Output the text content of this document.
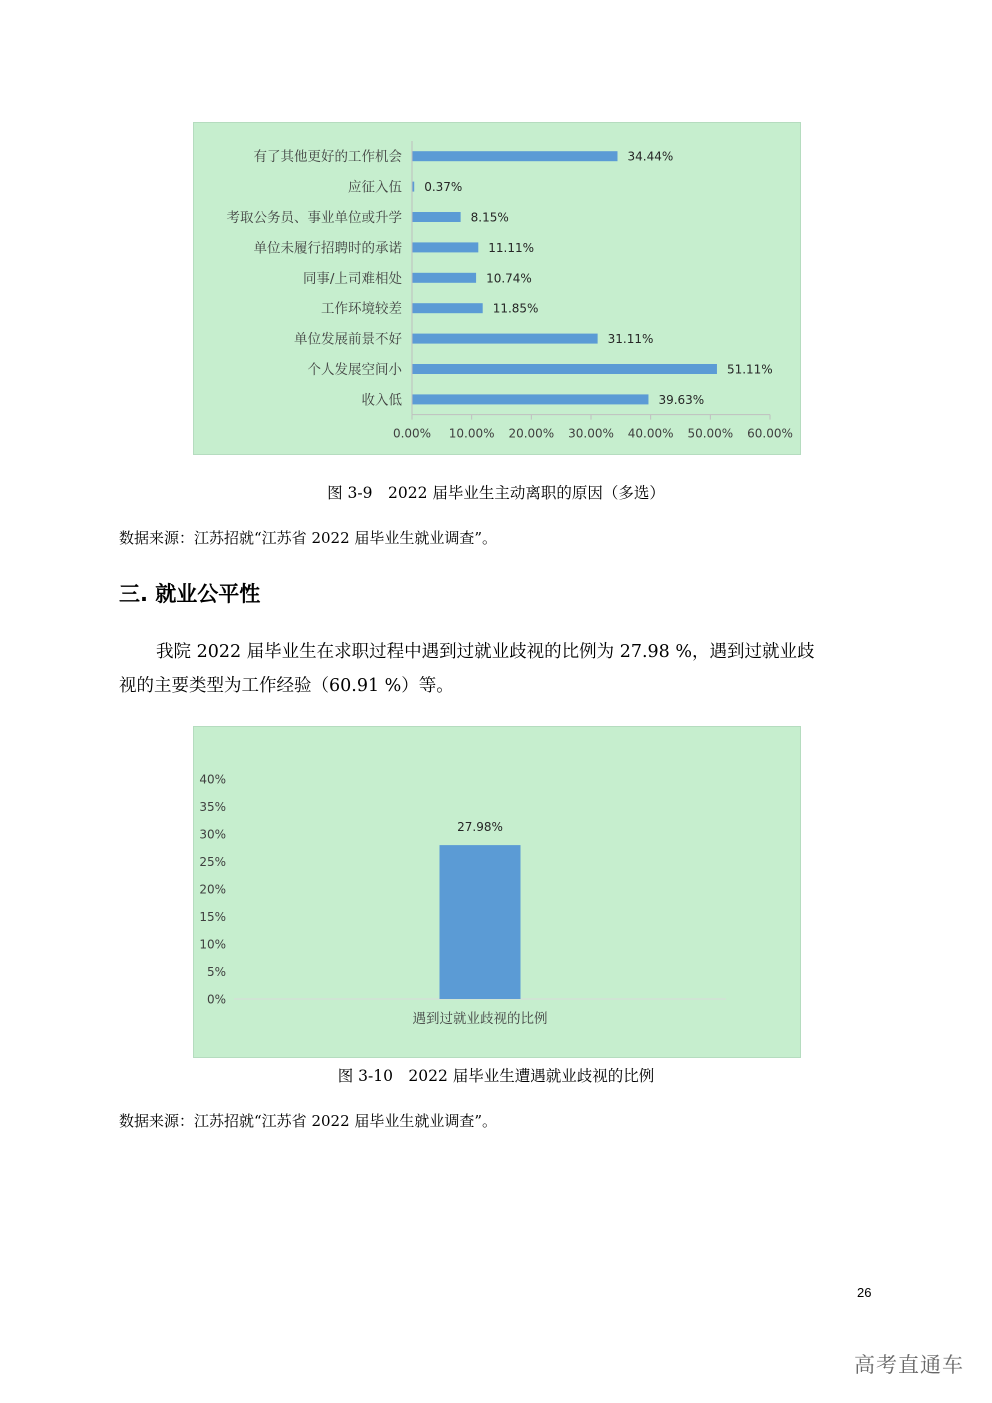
有了其他更好的工作机会	34.44%
应征入伍 0.37%
考取公务员、事业单位或升学	8.15%
单位未履行招聘时的承诺	11.11%
同事/上司难相处	10.74%
工作环境较差	11.85%
单位发展前景不好	31.11%
个人发展空间小	51.11%
收入低	39.63%
0.00% 10.00% 20.00% 30.00% 40.00% 50.00% 60.00%
图 3-9　2022 届毕业生主动离职的原因（多选）
数据来源：江苏招就“江苏省 2022 届毕业生就业调查”。
三. 就业公平性
我院 2022 届毕业生在求职过程中遇到过就业歧视的比例为 27.98 %，遇到过就业歧
视的主要类型为工作经验（60.91 %）等。
0%
5%
10%
15%
20%
25%
30%
35%
40%
27.98%
遇到过就业歧视的比例
图 3-10　2022 届毕业生遭遇就业歧视的比例
数据来源：江苏招就“江苏省 2022 届毕业生就业调查”。
26
高考直通车
